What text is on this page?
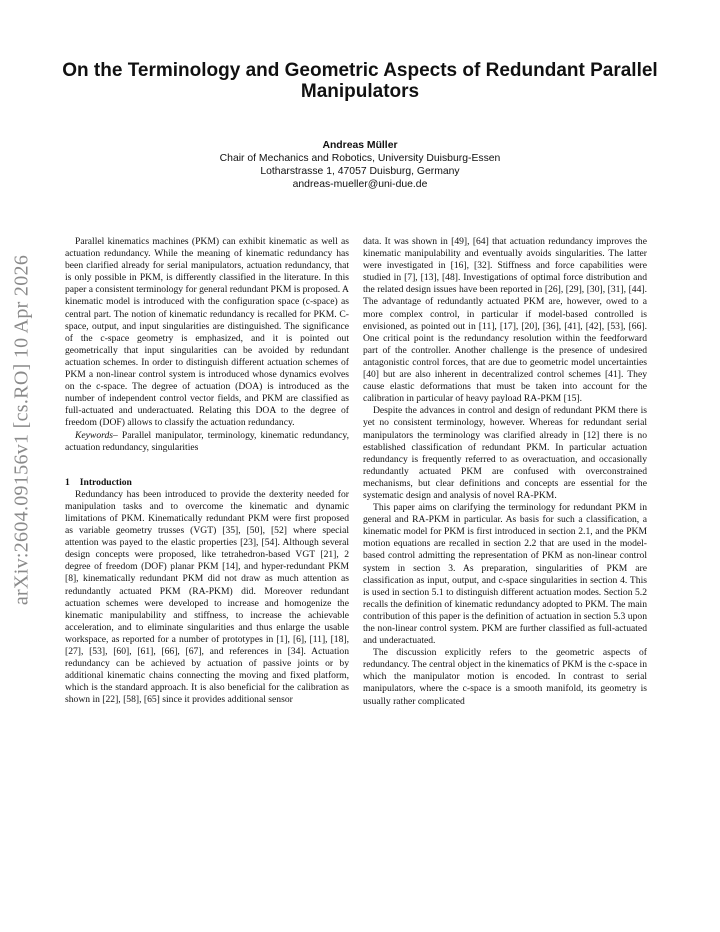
On the Terminology and Geometric Aspects of Redundant Parallel Manipulators
Andreas Müller
Chair of Mechanics and Robotics, University Duisburg-Essen
Lotharstrasse 1, 47057 Duisburg, Germany
andreas-mueller@uni-due.de
arXiv:2604.09156v1 [cs.RO] 10 Apr 2026

Parallel kinematics machines (PKM) can exhibit kinematic as well as actuation redundancy. While the meaning of kinematic redundancy has been clarified already for serial manipulators, actuation redundancy, that is only possible in PKM, is differently classified in the literature. In this paper a consistent terminology for general redundant PKM is proposed. A kinematic model is introduced with the configuration space (c-space) as central part. The notion of kinematic redundancy is recalled for PKM. C-space, output, and input singularities are distinguished. The significance of the c-space geometry is emphasized, and it is pointed out geometrically that input singularities can be avoided by redundant actuation schemes. In order to distinguish different actuation schemes of PKM a non-linear control system is introduced whose dynamics evolves on the c-space. The degree of actuation (DOA) is introduced as the number of independent control vector fields, and PKM are classified as full-actuated and underactuated. Relating this DOA to the degree of freedom (DOF) allows to classify the actuation redundancy.

Keywords– Parallel manipulator, terminology, kinematic redundancy, actuation redundancy, singularities

1 Introduction

Redundancy has been introduced to provide the dexterity needed for manipulation tasks and to overcome the kinematic and dynamic limitations of PKM. Kinematically redundant PKM were first proposed as variable geometry trusses (VGT) [35], [50], [52] where special attention was payed to the elastic properties [23], [54]. Although several design concepts were proposed, like tetrahedron-based VGT [21], 2 degree of freedom (DOF) planar PKM [14], and hyper-redundant PKM [8], kinematically redundant PKM did not draw as much attention as redundantly actuated PKM (RA-PKM) did. Moreover redundant actuation schemes were developed to increase and homogenize the kinematic manipulability and stiffness, to increase the achievable acceleration, and to eliminate singularities and thus enlarge the usable workspace, as reported for a number of prototypes in [1], [6], [11], [18], [27], [53], [60], [61], [66], [67], and references in [34]. Actuation redundancy can be achieved by actuation of passive joints or by additional kinematic chains connecting the moving and fixed platform, which is the standard approach. It is also beneficial for the calibration as shown in [22], [58], [65] since it provides additional sensor

data. It was shown in [49], [64] that actuation redundancy improves the kinematic manipulability and eventually avoids singularities. The latter were investigated in [16], [32]. Stiffness and force capabilities were studied in [7], [13], [48]. Investigations of optimal force distribution and the related design issues have been reported in [26], [29], [30], [31], [44]. The advantage of redundantly actuated PKM are, however, owed to a more complex control, in particular if model-based controlled is envisioned, as pointed out in [11], [17], [20], [36], [41], [42], [53], [66]. One critical point is the redundancy resolution within the feedforward part of the controller. Another challenge is the presence of undesired antagonistic control forces, that are due to geometric model uncertainties [40] but are also inherent in decentralized control schemes [41]. They cause elastic deformations that must be taken into account for the calibration in particular of heavy payload RA-PKM [15].

Despite the advances in control and design of redundant PKM there is yet no consistent terminology, however. Whereas for redundant serial manipulators the terminology was clarified already in [12] there is no established classification of redundant PKM. In particular actuation redundancy is frequently referred to as overactuation, and occasionally redundantly actuated PKM are confused with overconstrained mechanisms, but clear definitions and concepts are essential for the systematic design and analysis of novel RA-PKM.

This paper aims on clarifying the terminology for redundant PKM in general and RA-PKM in particular. As basis for such a classification, a kinematic model for PKM is first introduced in section 2.1, and the PKM motion equations are recalled in section 2.2 that are used in the model-based control admitting the representation of PKM as non-linear control system in section 3. As preparation, singularities of PKM are classification as input, output, and c-space singularities in section 4. This is used in section 5.1 to distinguish different actuation modes. Section 5.2 recalls the definition of kinematic redundancy adopted to PKM. The main contribution of this paper is the definition of actuation in section 5.3 upon the non-linear control system. PKM are further classified as full-actuated and underactuated.

The discussion explicitly refers to the geometric aspects of redundancy. The central object in the kinematics of PKM is the c-space in which the manipulator motion is encoded. In contrast to serial manipulators, where the c-space is a smooth manifold, its geometry is usually rather complicated
